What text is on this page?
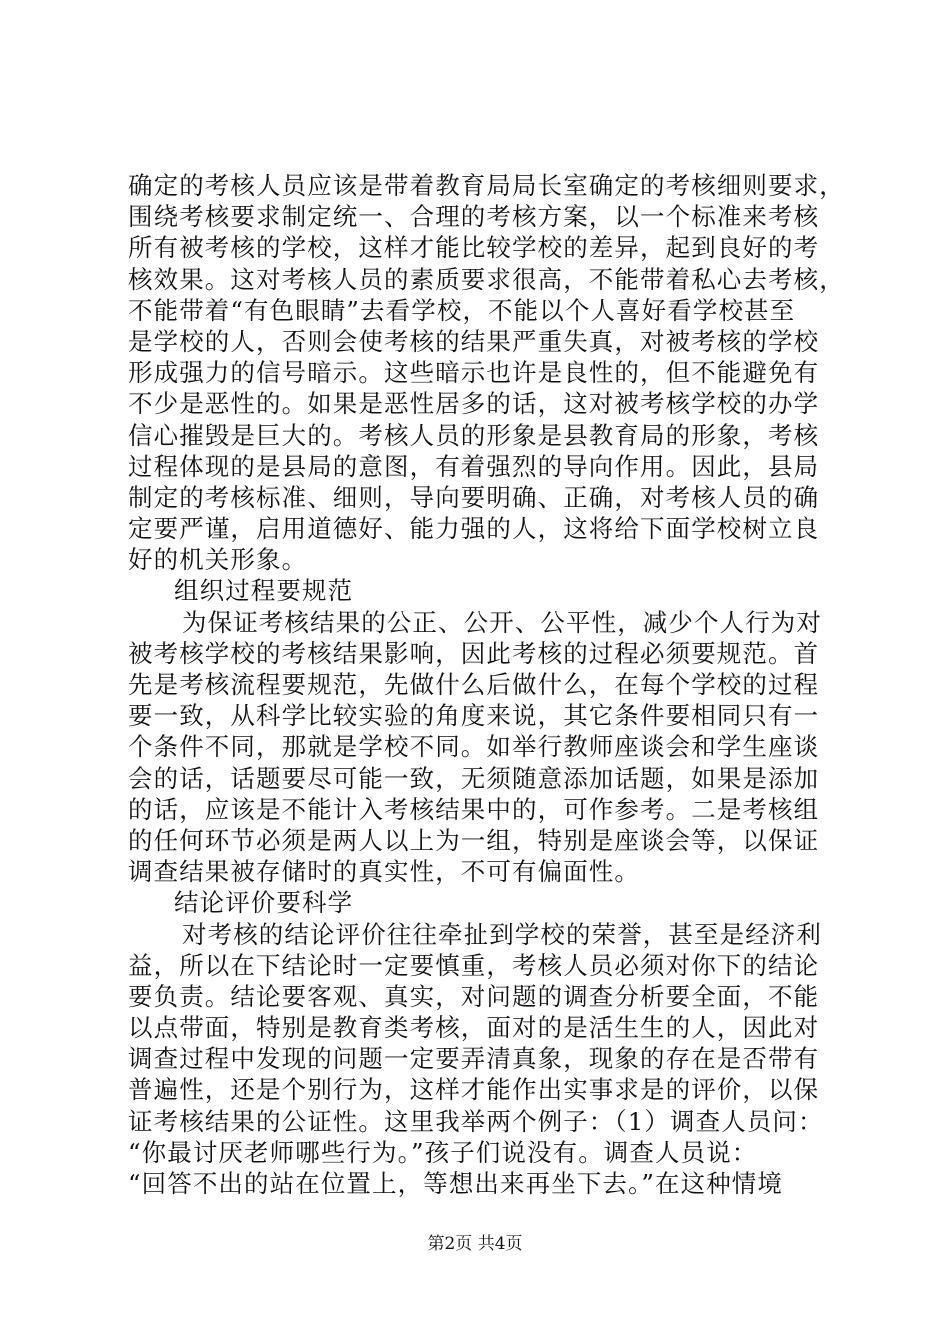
确定的考核人员应该是带着教育局局长室确定的考核细则要求，
围绕考核要求制定统一、合理的考核方案，以一个标准来考核
所有被考核的学校，这样才能比较学校的差异，起到良好的考
核效果。这对考核人员的素质要求很高，不能带着私心去考核，
不能带着“有色眼睛”去看学校，不能以个人喜好看学校甚至
是学校的人，否则会使考核的结果严重失真，对被考核的学校
形成强力的信号暗示。这些暗示也许是良性的，但不能避免有
不少是恶性的。如果是恶性居多的话，这对被考核学校的办学
信心摧毁是巨大的。考核人员的形象是县教育局的形象，考核
过程体现的是县局的意图，有着强烈的导向作用。因此，县局
制定的考核标准、细则，导向要明确、正确，对考核人员的确
定要严谨，启用道德好、能力强的人，这将给下面学校树立良
好的机关形象。
组织过程要规范
为保证考核结果的公正、公开、公平性，减少个人行为对
被考核学校的考核结果影响，因此考核的过程必须要规范。首
先是考核流程要规范，先做什么后做什么，在每个学校的过程
要一致，从科学比较实验的角度来说，其它条件要相同只有一
个条件不同，那就是学校不同。如举行教师座谈会和学生座谈
会的话，话题要尽可能一致，无须随意添加话题，如果是添加
的话，应该是不能计入考核结果中的，可作参考。二是考核组
的任何环节必须是两人以上为一组，特别是座谈会等，以保证
调查结果被存储时的真实性，不可有偏面性。
结论评价要科学
对考核的结论评价往往牵扯到学校的荣誉，甚至是经济利
益，所以在下结论时一定要慎重，考核人员必须对你下的结论
要负责。结论要客观、真实，对问题的调查分析要全面，不能
以点带面，特别是教育类考核，面对的是活生生的人，因此对
调查过程中发现的问题一定要弄清真象，现象的存在是否带有
普遍性，还是个别行为，这样才能作出实事求是的评价，以保
证考核结果的公证性。这里我举两个例子：（1）调查人员问：
“你最讨厌老师哪些行为。”孩子们说没有。调查人员说：
“回答不出的站在位置上，等想出来再坐下去。”在这种情境
第2页 共4页
